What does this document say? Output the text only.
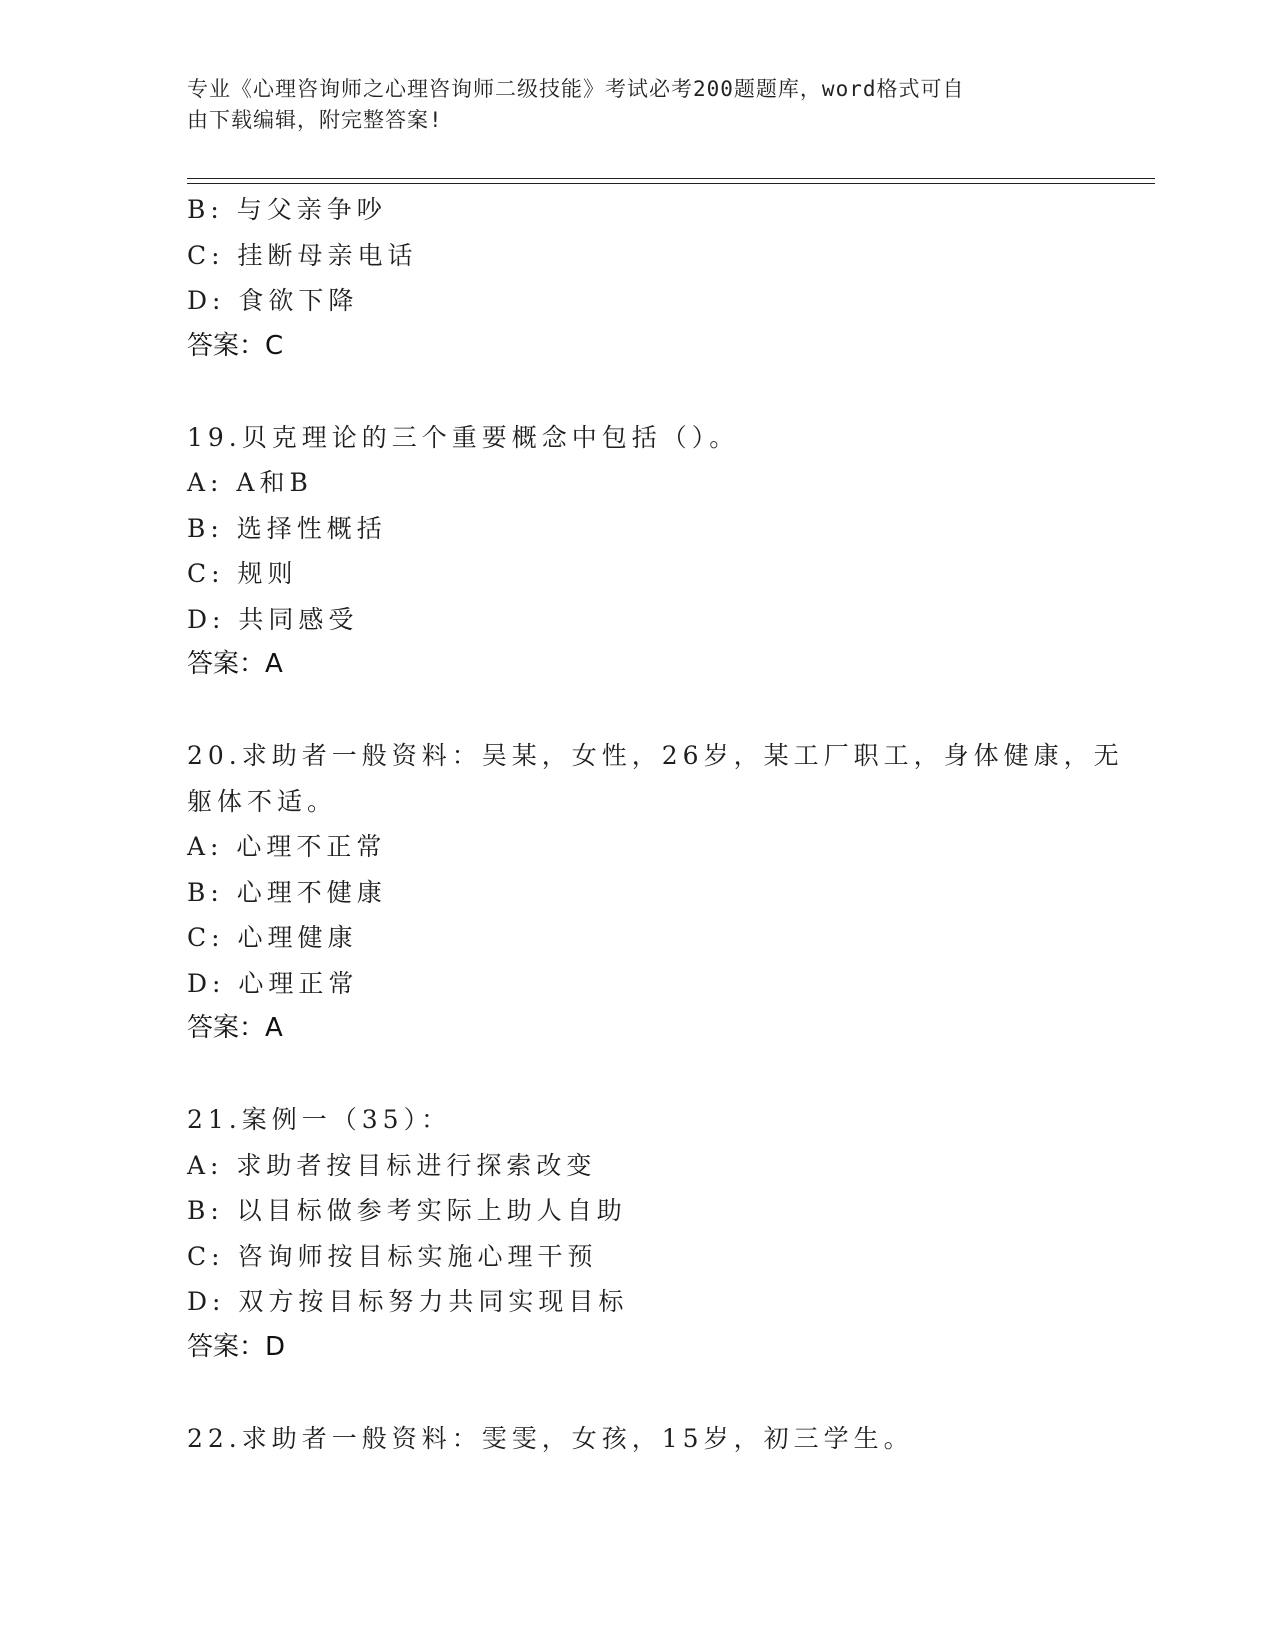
专业《心理咨询师之心理咨询师二级技能》考试必考200题题库，word格式可自
由下载编辑，附完整答案!
B: 与父亲争吵
C: 挂断母亲电话
D: 食欲下降
答案：C
19.贝克理论的三个重要概念中包括（）。
A: A和B
B: 选择性概括
C: 规则
D: 共同感受
答案：A
20.求助者一般资料：吴某，女性，26岁，某工厂职工，身体健康，无
躯体不适。
A: 心理不正常
B: 心理不健康
C: 心理健康
D: 心理正常
答案：A
21.案例一（35）：
A: 求助者按目标进行探索改变
B: 以目标做参考实际上助人自助
C: 咨询师按目标实施心理干预
D: 双方按目标努力共同实现目标
答案：D
22.求助者一般资料：雯雯，女孩，15岁，初三学生。
